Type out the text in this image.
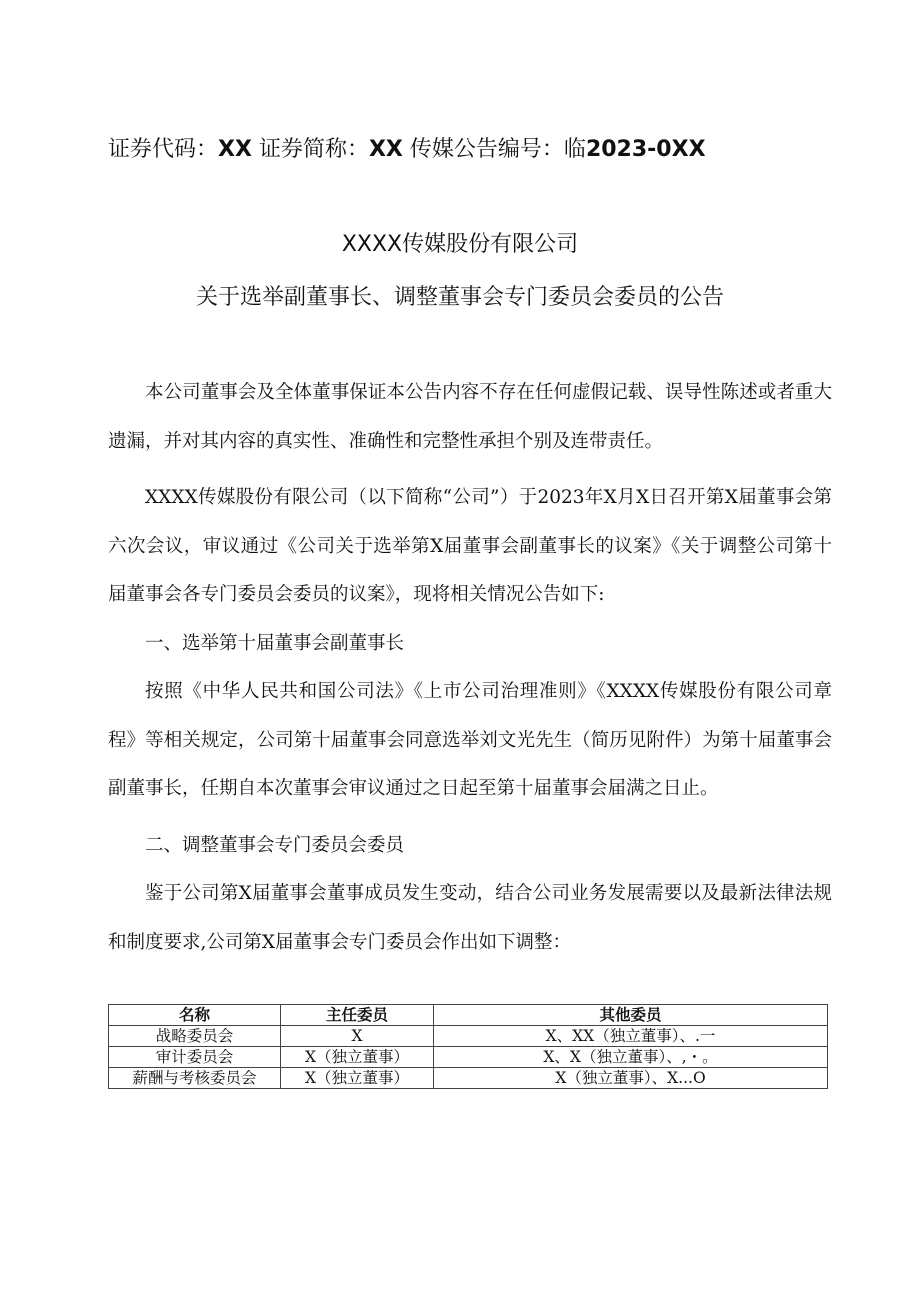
证券代码：XX 证券简称：XX 传媒公告编号：临2023-0XX
XXXX传媒股份有限公司
关于选举副董事长、调整董事会专门委员会委员的公告

本公司董事会及全体董事保证本公告内容不存在任何虚假记载、误导性陈述或者重大遗漏，并对其内容的真实性、准确性和完整性承担个别及连带责任。

XXXX传媒股份有限公司（以下简称“公司”）于2023年X月X日召开第X届董事会第六次会议，审议通过《公司关于选举第X届董事会副董事长的议案》《关于调整公司第十届董事会各专门委员会委员的议案》，现将相关情况公告如下:

一、选举第十届董事会副董事长

按照《中华人民共和国公司法》《上市公司治理准则》《XXXX传媒股份有限公司章程》等相关规定，公司第十届董事会同意选举刘文光先生（简历见附件）为第十届董事会副董事长，任期自本次董事会审议通过之日起至第十届董事会届满之日止。

二、调整董事会专门委员会委员

鉴于公司第X届董事会董事成员发生变动，结合公司业务发展需要以及最新法律法规和制度要求,公司第X届董事会专门委员会作出如下调整：

名称	主任委员	其他委员
战略委员会	X	X、XX（独立董事）、.一
审计委员会	X（独立董事）	X、X（独立董事）、,・。
薪酬与考核委员会	X（独立董事）	X（独立董事）、X...O
